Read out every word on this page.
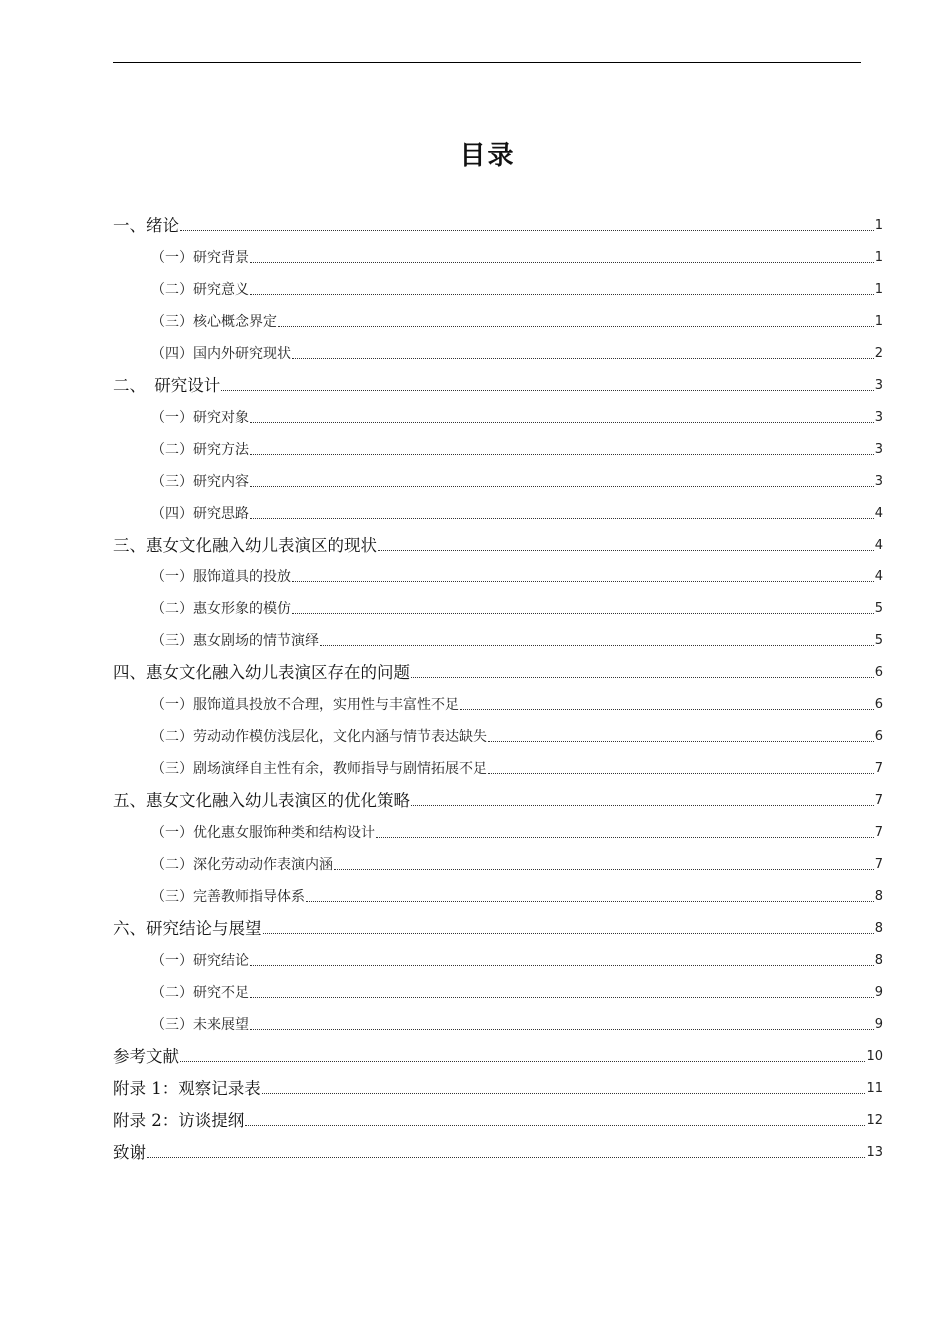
目录
一、绪论	1
（一）研究背景	1
（二）研究意义	1
（三）核心概念界定	1
（四）国内外研究现状	2
二、　研究设计	3
（一）研究对象	3
（二）研究方法	3
（三）研究内容	3
（四）研究思路	4
三、惠女文化融入幼儿表演区的现状	4
（一）服饰道具的投放	4
（二）惠女形象的模仿	5
（三）惠女剧场的情节演绎	5
四、惠女文化融入幼儿表演区存在的问题	6
（一）服饰道具投放不合理，实用性与丰富性不足	6
（二）劳动动作模仿浅层化，文化内涵与情节表达缺失	6
（三）剧场演绎自主性有余，教师指导与剧情拓展不足	7
五、惠女文化融入幼儿表演区的优化策略	7
（一）优化惠女服饰种类和结构设计	7
（二）深化劳动动作表演内涵	7
（三）完善教师指导体系	8
六、研究结论与展望	8
（一）研究结论	8
（二）研究不足	9
（三）未来展望	9
参考文献	10
附录 1：观察记录表	11
附录 2：访谈提纲	12
致谢	13
